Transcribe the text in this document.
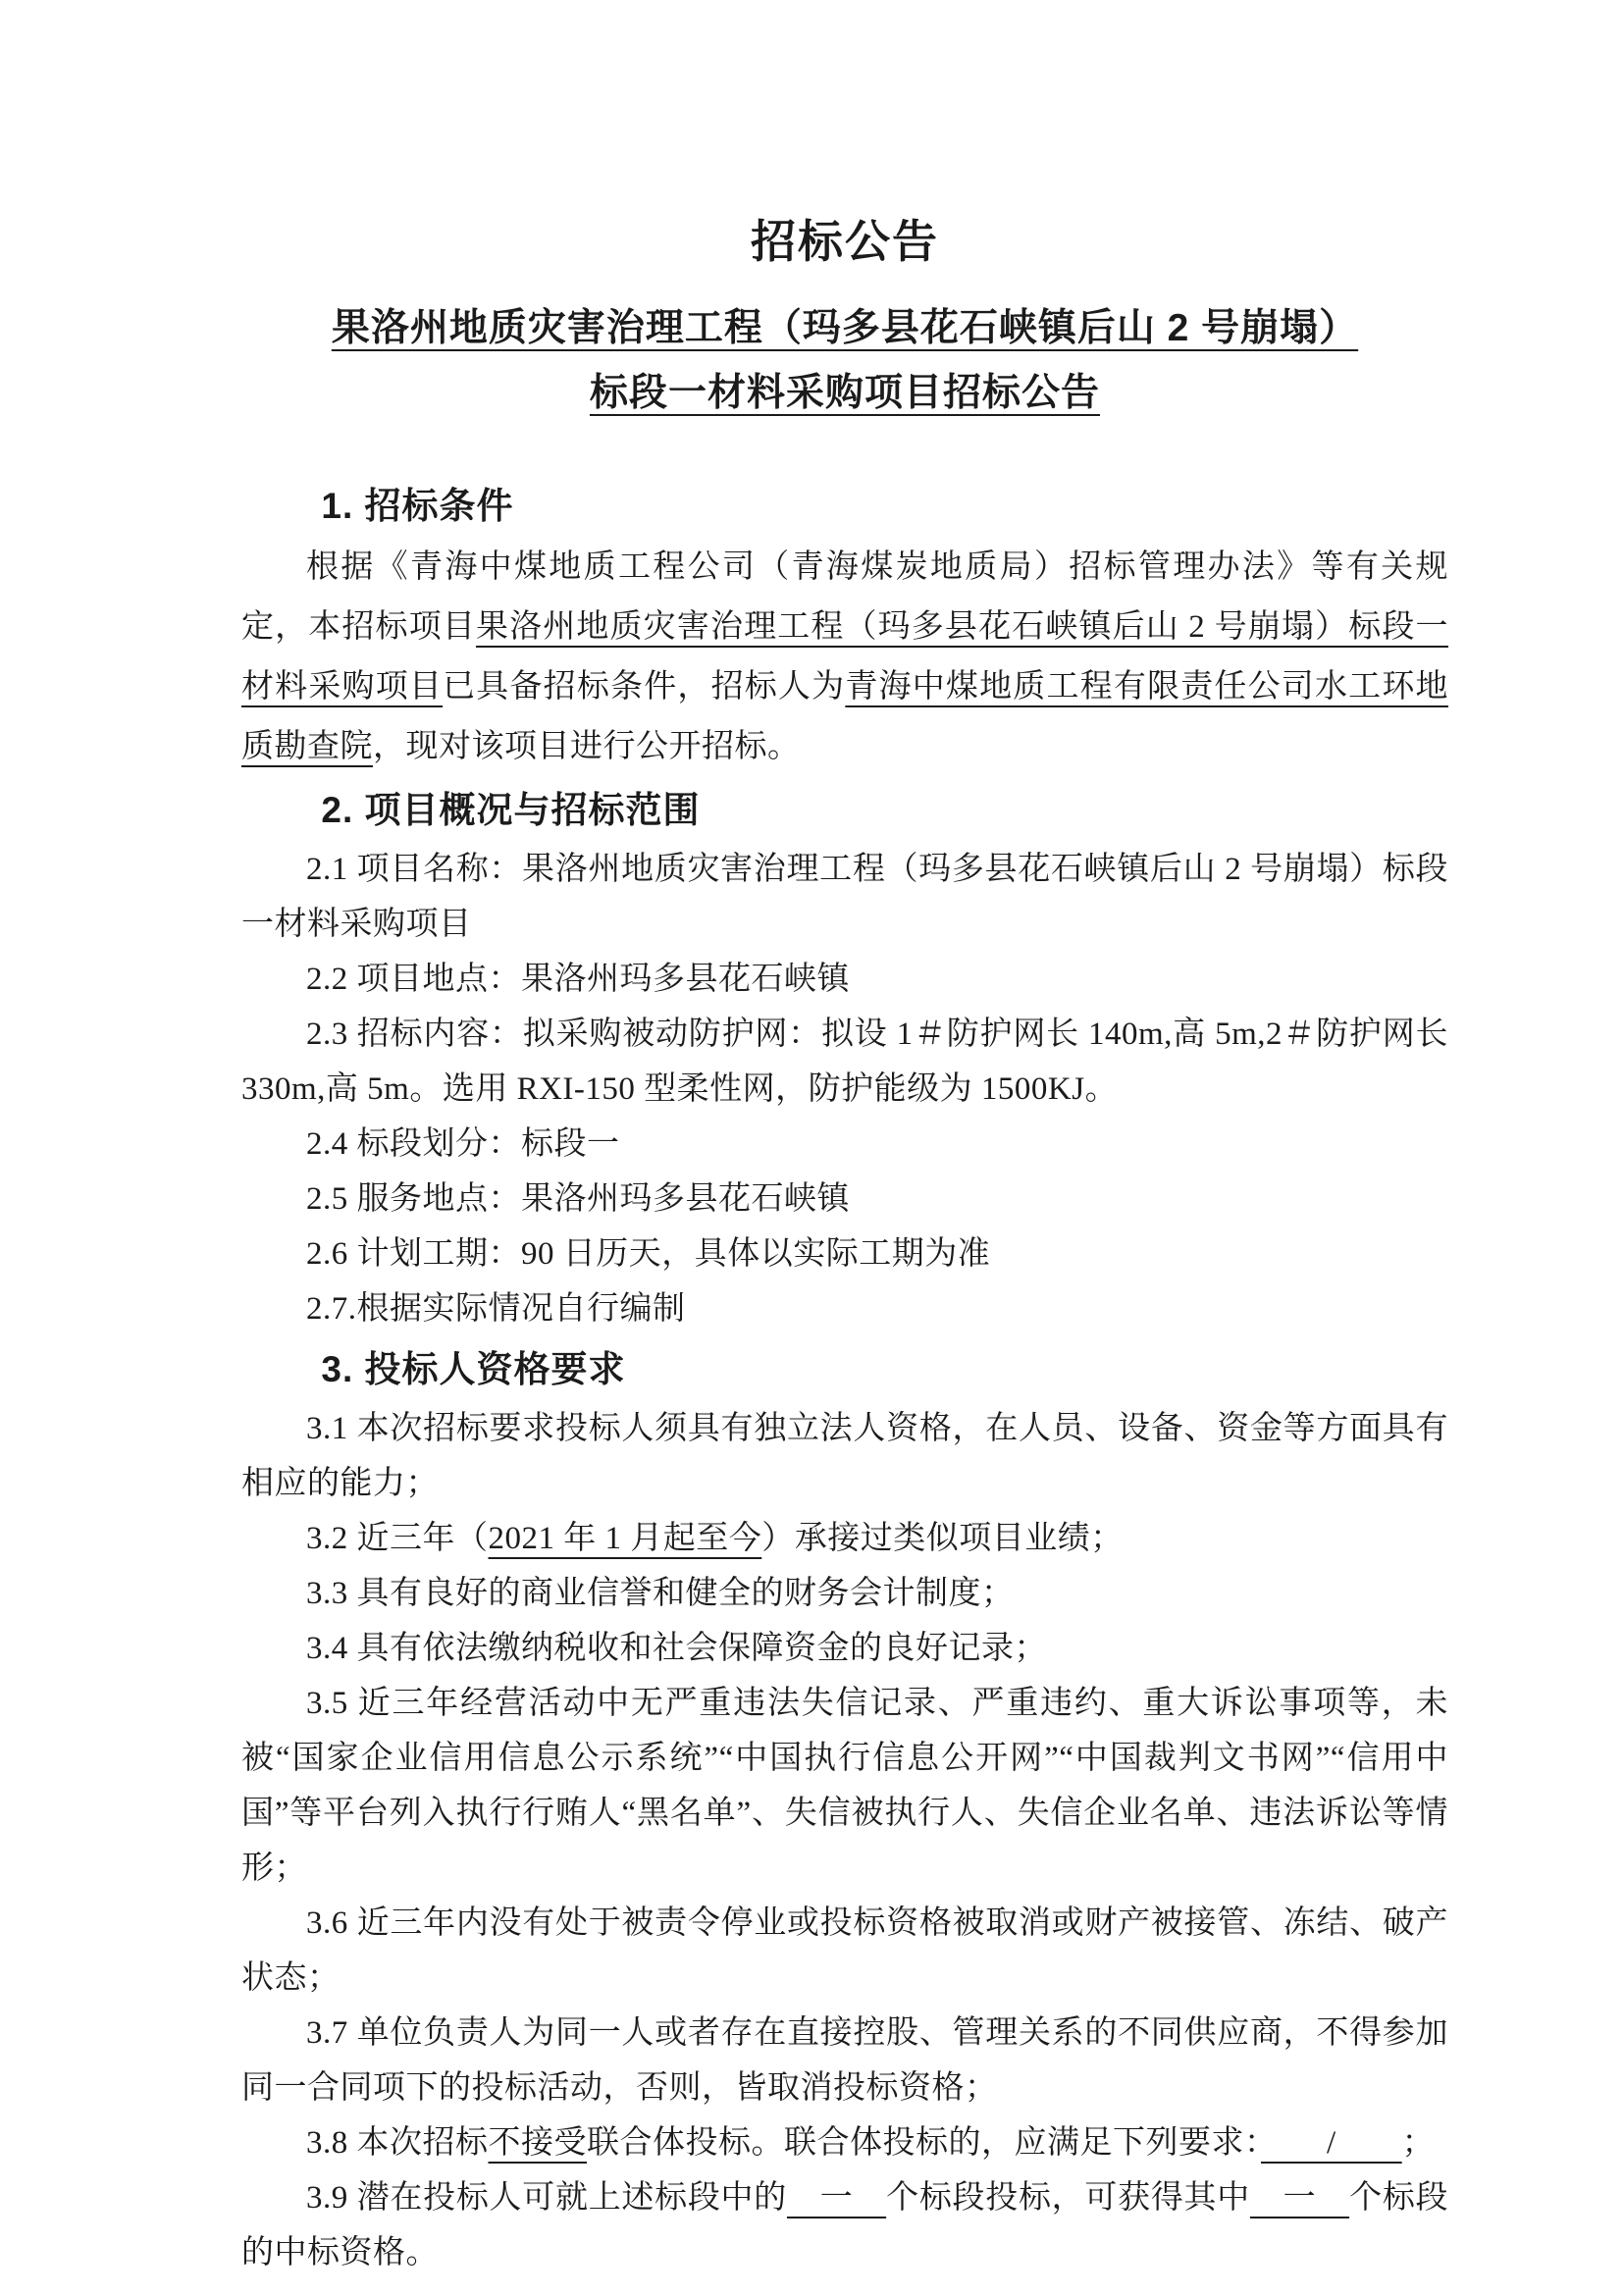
招标公告
果洛州地质灾害治理工程（玛多县花石峡镇后山 2 号崩塌）
标段一材料采购项目招标公告
1. 招标条件

根据《青海中煤地质工程公司（青海煤炭地质局）招标管理办法》等有关规定，本招标项目果洛州地质灾害治理工程（玛多县花石峡镇后山 2 号崩塌）标段一材料采购项目已具备招标条件，招标人为青海中煤地质工程有限责任公司水工环地质勘查院，现对该项目进行公开招标。

2. 项目概况与招标范围

2.1 项目名称：果洛州地质灾害治理工程（玛多县花石峡镇后山 2 号崩塌）标段一材料采购项目

2.2 项目地点：果洛州玛多县花石峡镇

2.3 招标内容：拟采购被动防护网：拟设 1＃防护网长 140m,高 5m,2＃防护网长 330m,高 5m。选用 RXI-150 型柔性网，防护能级为 1500KJ。

2.4 标段划分：标段一

2.5 服务地点：果洛州玛多县花石峡镇

2.6 计划工期：90 日历天，具体以实际工期为准

2.7.根据实际情况自行编制

3. 投标人资格要求

3.1 本次招标要求投标人须具有独立法人资格，在人员、设备、资金等方面具有相应的能力；

3.2 近三年（2021 年 1 月起至今）承接过类似项目业绩；

3.3 具有良好的商业信誉和健全的财务会计制度；

3.4 具有依法缴纳税收和社会保障资金的良好记录；

3.5 近三年经营活动中无严重违法失信记录、严重违约、重大诉讼事项等，未被“国家企业信用信息公示系统”“中国执行信息公开网”“中国裁判文书网”“信用中国”等平台列入执行行贿人“黑名单”、失信被执行人、失信企业名单、违法诉讼等情形；

3.6 近三年内没有处于被责令停业或投标资格被取消或财产被接管、冻结、破产状态；

3.7 单位负责人为同一人或者存在直接控股、管理关系的不同供应商，不得参加同一合同项下的投标活动，否则，皆取消投标资格；

3.8 本次招标不接受联合体投标。联合体投标的，应满足下列要求：　　/　　；

3.9 潜在投标人可就上述标段中的　一　个标段投标，可获得其中　一　个标段的中标资格。
